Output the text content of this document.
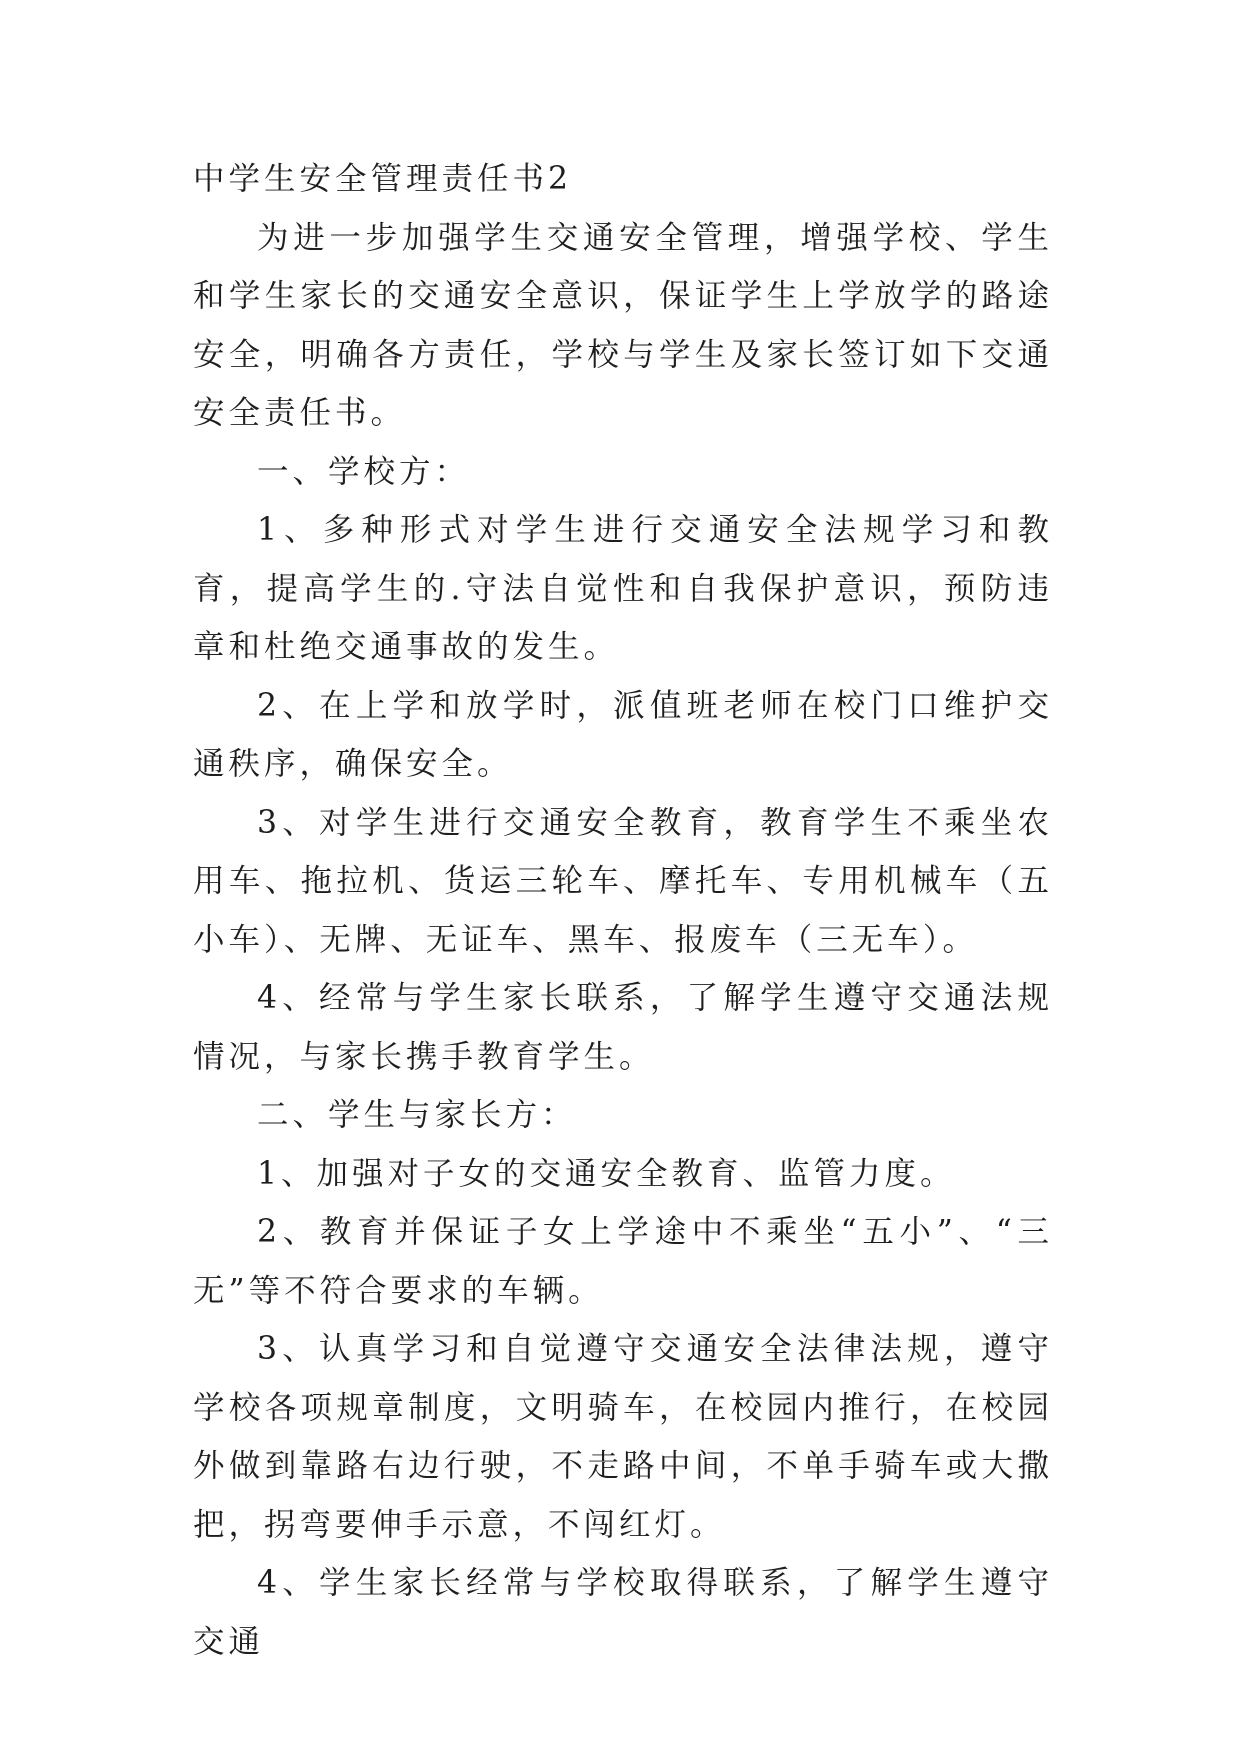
中学生安全管理责任书2

为进一步加强学生交通安全管理，增强学校、学生和学生家长的交通安全意识，保证学生上学放学的路途安全，明确各方责任，学校与学生及家长签订如下交通安全责任书。

一、学校方：

1、多种形式对学生进行交通安全法规学习和教育，提高学生的.守法自觉性和自我保护意识，预防违章和杜绝交通事故的发生。

2、在上学和放学时，派值班老师在校门口维护交通秩序，确保安全。

3、对学生进行交通安全教育，教育学生不乘坐农用车、拖拉机、货运三轮车、摩托车、专用机械车（五小车）、无牌、无证车、黑车、报废车（三无车）。

4、经常与学生家长联系，了解学生遵守交通法规情况，与家长携手教育学生。

二、学生与家长方：

1、加强对子女的交通安全教育、监管力度。

2、教育并保证子女上学途中不乘坐“五小”、“三无”等不符合要求的车辆。

3、认真学习和自觉遵守交通安全法律法规，遵守学校各项规章制度，文明骑车，在校园内推行，在校园外做到靠路右边行驶，不走路中间，不单手骑车或大撒把，拐弯要伸手示意，不闯红灯。

4、学生家长经常与学校取得联系，了解学生遵守交通
